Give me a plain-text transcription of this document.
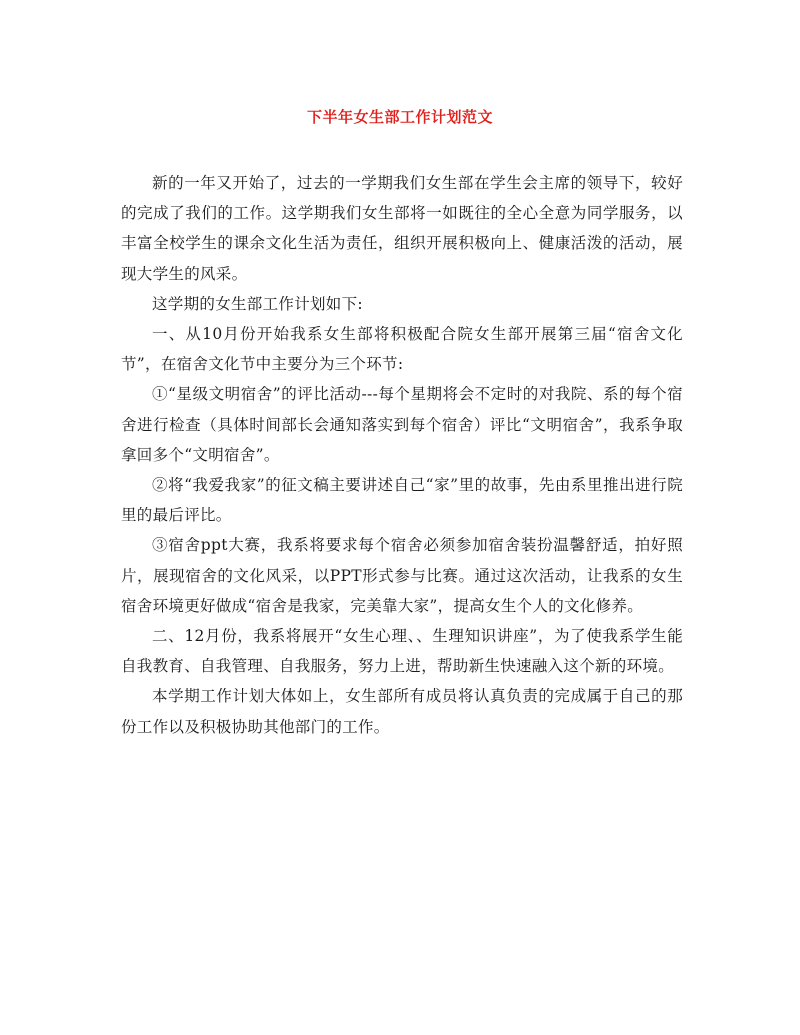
下半年女生部工作计划范文

新的一年又开始了，过去的一学期我们女生部在学生会主席的领导下，较好的完成了我们的工作。这学期我们女生部将一如既往的全心全意为同学服务，以丰富全校学生的课余文化生活为责任，组织开展积极向上、健康活泼的活动，展现大学生的风采。

这学期的女生部工作计划如下:

一、从10月份开始我系女生部将积极配合院女生部开展第三届“宿舍文化节”，在宿舍文化节中主要分为三个环节:

①“星级文明宿舍”的评比活动---每个星期将会不定时的对我院、系的每个宿舍进行检查（具体时间部长会通知落实到每个宿舍）评比“文明宿舍”，我系争取拿回多个“文明宿舍”。

②将“我爱我家”的征文稿主要讲述自己“家”里的故事，先由系里推出进行院里的最后评比。

③宿舍ppt大赛，我系将要求每个宿舍必须参加宿舍装扮温馨舒适，拍好照片，展现宿舍的文化风采，以PPT形式参与比赛。通过这次活动，让我系的女生宿舍环境更好做成“宿舍是我家，完美靠大家”，提高女生个人的文化修养。

二、12月份，我系将展开“女生心理、、生理知识讲座”，为了使我系学生能自我教育、自我管理、自我服务，努力上进，帮助新生快速融入这个新的环境。

本学期工作计划大体如上，女生部所有成员将认真负责的完成属于自己的那份工作以及积极协助其他部门的工作。
